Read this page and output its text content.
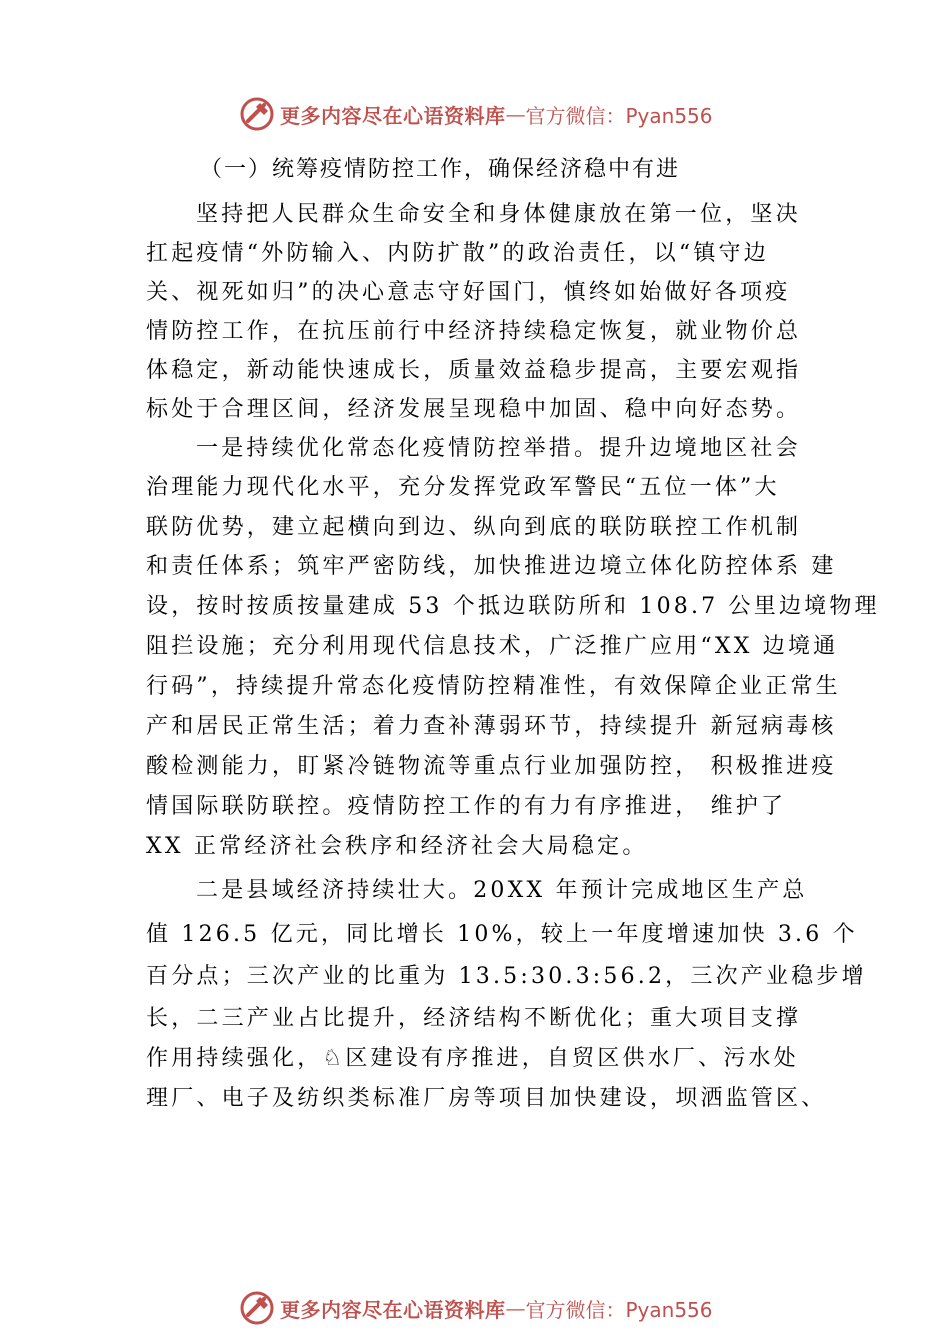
更多内容尽在心语资料库 — 官方微信：Pyan556
（一）统筹疫情防控工作，确保经济稳中有进
坚持把人民群众生命安全和身体健康放在第一位，坚决
扛起疫情“外防输入、内防扩散”的政治责任，以“镇守边
关、视死如归”的决心意志守好国门，慎终如始做好各项疫
情防控工作，在抗压前行中经济持续稳定恢复，就业物价总
体稳定，新动能快速成长，质量效益稳步提高，主要宏观指
标处于合理区间，经济发展呈现稳中加固、稳中向好态势。
一是持续优化常态化疫情防控举措。提升边境地区社会
治理能力现代化水平，充分发挥党政军警民“五位一体”大
联防优势，建立起横向到边、纵向到底的联防联控工作机制
和责任体系；筑牢严密防线，加快推进边境立体化防控体系 建
设，按时按质按量建成 53 个抵边联防所和 108.7 公里边境物理
阻拦设施；充分利用现代信息技术，广泛推广应用“XX 边境通
行码”，持续提升常态化疫情防控精准性，有效保障企业正常生
产和居民正常生活；着力查补薄弱环节，持续提升 新冠病毒核
酸检测能力，盯紧冷链物流等重点行业加强防控， 积极推进疫
情国际联防联控。疫情防控工作的有力有序推进， 维护了
XX 正常经济社会秩序和经济社会大局稳定。
二是县域经济持续壮大。20XX 年预计完成地区生产总
值 126.5 亿元，同比增长 10%，较上一年度增速加快 3.6 个
百分点；三次产业的比重为 13.5:30.3:56.2，三次产业稳步增
长，二三产业占比提升，经济结构不断优化；重大项目支撑
作用持续强化，♘区建设有序推进，自贸区供水厂、污水处
理厂、电子及纺织类标准厂房等项目加快建设，坝洒监管区、
更多内容尽在心语资料库 — 官方微信：Pyan556
